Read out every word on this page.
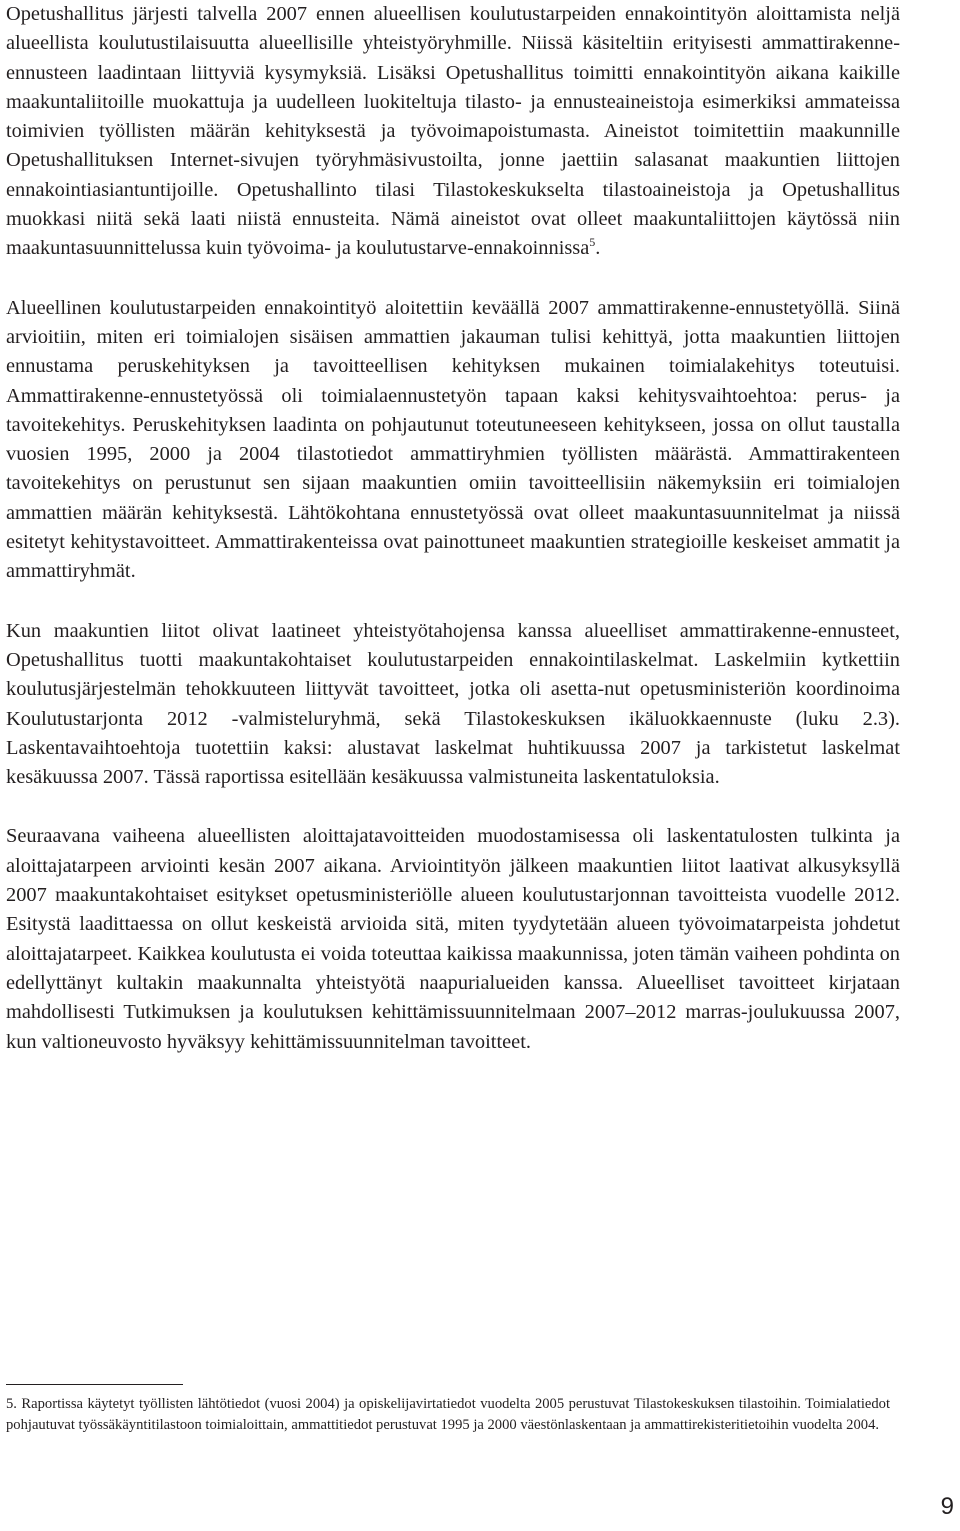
Opetushallitus järjesti talvella 2007 ennen alueellisen koulutustarpeiden ennakointityön aloittamista neljä alueellista koulutustilaisuutta alueellisille yhteistyöryhmille. Niissä käsiteltiin erityisesti ammattirakenne-ennusteen laadintaan liittyviä kysymyksiä. Lisäksi Opetushallitus toimitti ennakointityön aikana kaikille maakuntaliitoille muokattuja ja uudelleen luokiteltuja tilasto- ja ennusteaineistoja esimerkiksi ammateissa toimivien työllisten määrän kehityksestä ja työvoimapoistumasta. Aineistot toimitettiin maakunnille Opetushallituksen Internet-sivujen työryhmäsivustoilta, jonne jaettiin salasanat maakuntien liittojen ennakointiasiantuntijoille. Opetushallinto tilasi Tilastokeskukselta tilastoaineistoja ja Opetushallitus muokkasi niitä sekä laati niistä ennusteita. Nämä aineistot ovat olleet maakuntaliittojen käytössä niin maakuntasuunnittelussa kuin työvoima- ja koulutustarve-ennakoinnissa$^5$.

Alueellinen koulutustarpeiden ennakointityö aloitettiin keväällä 2007 ammattirakenne-ennustetyöllä. Siinä arvioitiin, miten eri toimialojen sisäisen ammattien jakauman tulisi kehittyä, jotta maakuntien liittojen ennustama peruskehityksen ja tavoitteellisen kehityksen mukainen toimialakehitys toteutuisi. Ammattirakenne-ennustetyössä oli toimialaennustetyön tapaan kaksi kehitysvaihtoehtoa: perus- ja tavoitekehitys. Peruskehityksen laadinta on pohjautunut toteutuneeseen kehitykseen, jossa on ollut taustalla vuosien 1995, 2000 ja 2004 tilastotiedot ammattiryhmien työllisten määrästä. Ammattirakenteen tavoitekehitys on perustunut sen sijaan maakuntien omiin tavoitteellisiin näkemyksiin eri toimialojen ammattien määrän kehityksestä. Lähtökohtana ennustetyössä ovat olleet maakuntasuunnitelmat ja niissä esitetyt kehitystavoitteet. Ammattirakenteissa ovat painottuneet maakuntien strategioille keskeiset ammatit ja ammattiryhmät.

Kun maakuntien liitot olivat laatineet yhteistyötahojensa kanssa alueelliset ammattirakenne-ennusteet, Opetushallitus tuotti maakuntakohtaiset koulutustarpeiden ennakointilaskelmat. Laskelmiin kytkettiin koulutusjärjestelmän tehokkuuteen liittyvät tavoitteet, jotka oli asetta-nut opetusministeriön koordinoima Koulutustarjonta 2012 -valmisteluryhmä, sekä Tilastokeskuksen ikäluokkaennuste (luku 2.3). Laskentavaihtoehtoja tuotettiin kaksi: alustavat laskelmat huhtikuussa 2007 ja tarkistetut laskelmat kesäkuussa 2007. Tässä raportissa esitellään kesäkuussa valmistuneita laskentatuloksia.

Seuraavana vaiheena alueellisten aloittajatavoitteiden muodostamisessa oli laskentatulosten tulkinta ja aloittajatarpeen arviointi kesän 2007 aikana. Arviointityön jälkeen maakuntien liitot laativat alkusyksyllä 2007 maakuntakohtaiset esitykset opetusministeriölle alueen koulutustarjonnan tavoitteista vuodelle 2012. Esitystä laadittaessa on ollut keskeistä arvioida sitä, miten tyydytetään alueen työvoimatarpeista johdetut aloittajatarpeet. Kaikkea koulutusta ei voida toteuttaa kaikissa maakunnissa, joten tämän vaiheen pohdinta on edellyttänyt kultakin maakunnalta yhteistyötä naapurialueiden kanssa. Alueelliset tavoitteet kirjataan mahdollisesti Tutkimuksen ja koulutuksen kehittämissuunnitelmaan 2007–2012 marras-joulukuussa 2007, kun valtioneuvosto hyväksyy kehittämissuunnitelman tavoitteet.

5. Raportissa käytetyt työllisten lähtötiedot (vuosi 2004) ja opiskelijavirtatiedot vuodelta 2005 perustuvat Tilastokeskuksen tilastoihin. Toimialatiedot pohjautuvat työssäkäyntitilastoon toimialoittain, ammattitiedot perustuvat 1995 ja 2000 väestönlaskentaan ja ammattirekisteritietoihin vuodelta 2004.

9
